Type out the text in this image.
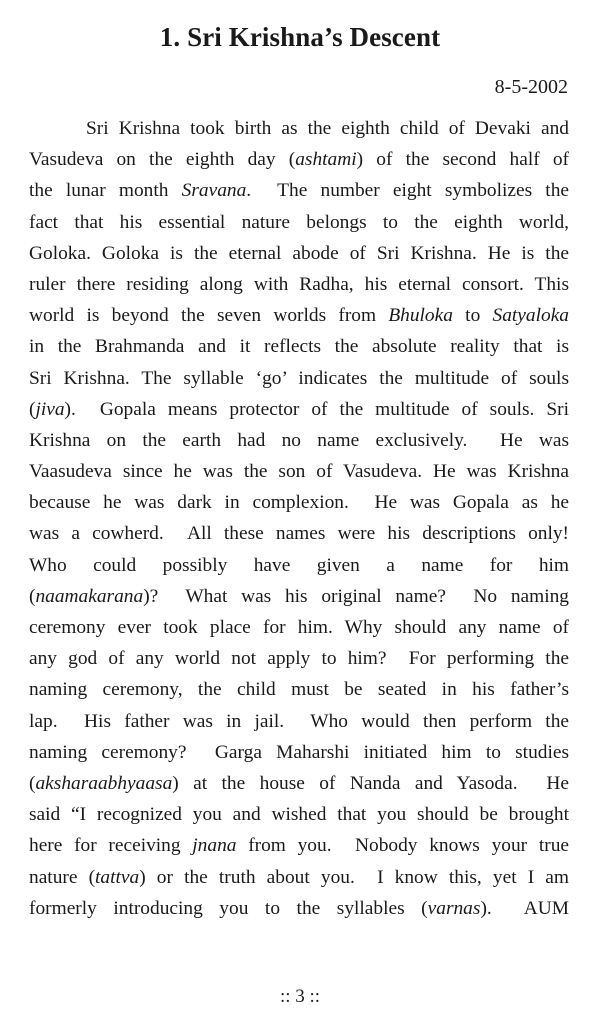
1. Sri Krishna’s Descent
8-5-2002
Sri Krishna took birth as the eighth child of Devaki and
Vasudeva on the eighth day (ashtami) of the second half of
the lunar month Sravana.  The number eight symbolizes the
fact that his essential nature belongs to the eighth world,
Goloka. Goloka is the eternal abode of Sri Krishna. He is the
ruler there residing along with Radha, his eternal consort. This
world is beyond the seven worlds from Bhuloka to Satyaloka
in the Brahmanda and it reflects the absolute reality that is
Sri Krishna. The syllable ‘go’ indicates the multitude of souls
(jiva).  Gopala means protector of the multitude of souls. Sri
Krishna on the earth had no name exclusively.  He was
Vaasudeva since he was the son of Vasudeva. He was Krishna
because he was dark in complexion.  He was Gopala as he
was a cowherd.  All these names were his descriptions only!
Who could possibly have given a name for him
(naamakarana)?  What was his original name?  No naming
ceremony ever took place for him. Why should any name of
any god of any world not apply to him?  For performing the
naming ceremony, the child must be seated in his father’s
lap.  His father was in jail.  Who would then perform the
naming ceremony?  Garga Maharshi initiated him to studies
(aksharaabhyaasa) at the house of Nanda and Yasoda.  He
said “I recognized you and wished that you should be brought
here for receiving jnana from you.  Nobody knows your true
nature (tattva) or the truth about you.  I know this, yet I am
formerly introducing you to the syllables (varnas).  AUM
:: 3 ::
